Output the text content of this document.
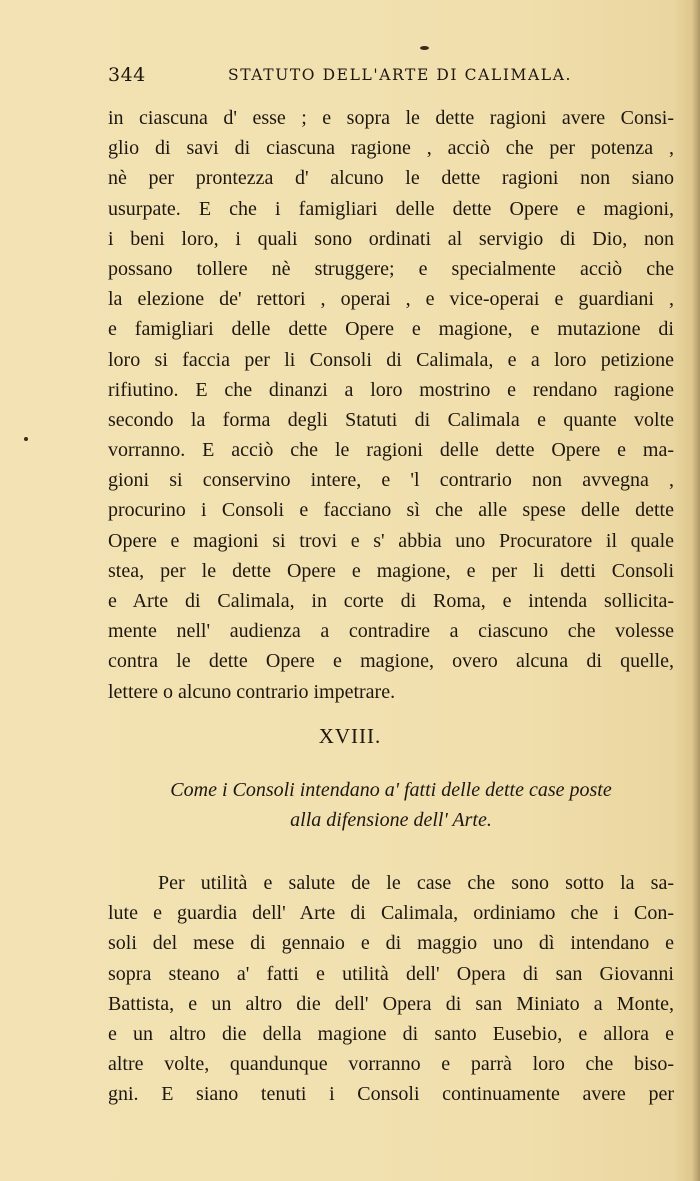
344	STATUTO DELL'ARTE DI CALIMALA.
in ciascuna d' esse ; e sopra le dette ragioni avere Consi-
glio di savi di ciascuna ragione , acciò che per potenza ,
nè per prontezza d' alcuno le dette ragioni non siano
usurpate. E che i famigliari delle dette Opere e magioni,
i beni loro, i quali sono ordinati al servigio di Dio, non
possano tollere nè struggere; e specialmente acciò che
la elezione de' rettori , operai , e vice-operai e guardiani ,
e famigliari delle dette Opere e magione, e mutazione di
loro si faccia per li Consoli di Calimala, e a loro petizione
rifiutino. E che dinanzi a loro mostrino e rendano ragione
secondo la forma degli Statuti di Calimala e quante volte
vorranno. E acciò che le ragioni delle dette Opere e ma-
gioni si conservino intere, e 'l contrario non avvegna ,
procurino i Consoli e facciano sì che alle spese delle dette
Opere e magioni si trovi e s' abbia uno Procuratore il quale
stea, per le dette Opere e magione, e per li detti Consoli
e Arte di Calimala, in corte di Roma, e intenda sollicita-
mente nell' audienza a contradire a ciascuno che volesse
contra le dette Opere e magione, overo alcuna di quelle,
lettere o alcuno contrario impetrare.
XVIII.
Come i Consoli intendano a' fatti delle dette case poste
alla difensione dell' Arte.
Per utilità e salute de le case che sono sotto la sa-
lute e guardia dell' Arte di Calimala, ordiniamo che i Con-
soli del mese di gennaio e di maggio uno dì intendano e
sopra steano a' fatti e utilità dell' Opera di san Giovanni
Battista, e un altro die dell' Opera di san Miniato a Monte,
e un altro die della magione di santo Eusebio, e allora e
altre volte, quandunque vorranno e parrà loro che biso-
gni. E siano tenuti i Consoli continuamente avere per
